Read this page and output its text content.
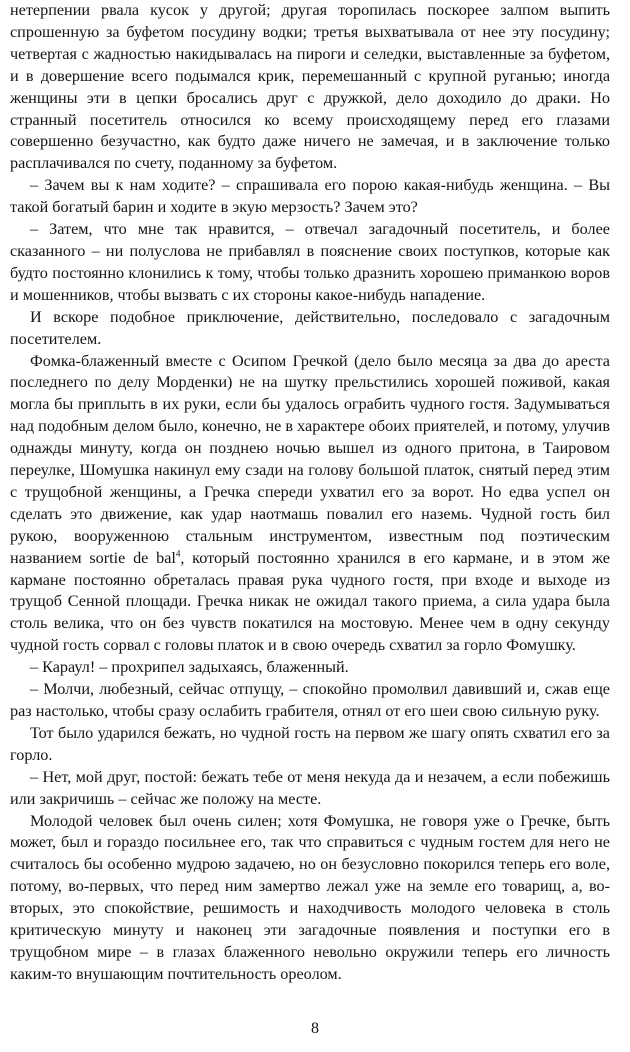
нетерпении рвала кусок у другой; другая торопилась поскорее залпом выпить спрошенную за буфетом посудину водки; третья выхватывала от нее эту посудину; четвертая с жадностью накидывалась на пироги и селедки, выставленные за буфетом, и в довершение всего подымался крик, перемешанный с крупной руганью; иногда женщины эти в цепки бросались друг с дружкой, дело доходило до драки. Но странный посетитель относился ко всему происходящему перед его глазами совершенно безучастно, как будто даже ничего не замечая, и в заключение только расплачивался по счету, поданному за буфетом.

– Зачем вы к нам ходите? – спрашивала его порою какая-нибудь женщина. – Вы такой богатый барин и ходите в экую мерзость? Зачем это?

– Затем, что мне так нравится, – отвечал загадочный посетитель, и более сказанного – ни полуслова не прибавлял в пояснение своих поступков, которые как будто постоянно клонились к тому, чтобы только дразнить хорошею приманкою воров и мошенников, чтобы вызвать с их стороны какое-нибудь нападение.

И вскоре подобное приключение, действительно, последовало с загадочным посетителем.

Фомка-блаженный вместе с Осипом Гречкой (дело было месяца за два до ареста последнего по делу Морденки) не на шутку прельстились хорошей поживой, какая могла бы приплыть в их руки, если бы удалось ограбить чудного гостя. Задумываться над подобным делом было, конечно, не в характере обоих приятелей, и потому, улучив однажды минуту, когда он позднею ночью вышел из одного притона, в Таировом переулке, Шомушка накинул ему сзади на голову большой платок, снятый перед этим с трущобной женщины, а Гречка спереди ухватил его за ворот. Но едва успел он сделать это движение, как удар наотмашь повалил его наземь. Чудной гость бил рукою, вооруженною стальным инструментом, известным под поэтическим названием sortie de bal$^4$, который постоянно хранился в его кармане, и в этом же кармане постоянно обреталась правая рука чудного гостя, при входе и выходе из трущоб Сенной площади. Гречка никак не ожидал такого приема, а сила удара была столь велика, что он без чувств покатился на мостовую. Менее чем в одну секунду чудной гость сорвал с головы платок и в свою очередь схватил за горло Фомушку.

– Караул! – прохрипел задыхаясь, блаженный.

– Молчи, любезный, сейчас отпущу, – спокойно промолвил давивший и, сжав еще раз настолько, чтобы сразу ослабить грабителя, отнял от его шеи свою сильную руку.

Тот было ударился бежать, но чудной гость на первом же шагу опять схватил его за горло.

– Нет, мой друг, постой: бежать тебе от меня некуда да и незачем, а если побежишь или закричишь – сейчас же положу на месте.

Молодой человек был очень силен; хотя Фомушка, не говоря уже о Гречке, быть может, был и гораздо посильнее его, так что справиться с чудным гостем для него не считалось бы особенно мудрою задачею, но он безусловно покорился теперь его воле, потому, во-первых, что перед ним замертво лежал уже на земле его товарищ, а, во-вторых, это спокойствие, решимость и находчивость молодого человека в столь критическую минуту и наконец эти загадочные появления и поступки его в трущобном мире – в глазах блаженного невольно окружили теперь его личность каким-то внушающим почтительность ореолом.

8
